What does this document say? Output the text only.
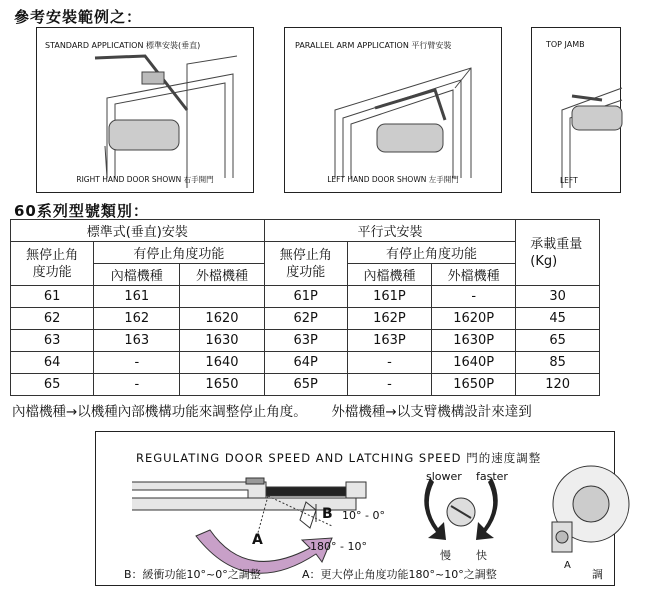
參考安裝範例之：
STANDARD APPLICATION 標準安裝(垂直)
RIGHT HAND DOOR SHOWN 右手開門
PARALLEL ARM APPLICATION 平行臂安裝
LEFT HAND DOOR SHOWN 左手開門
TOP JAMB
LEFT
60系列型號類別：
標準式(垂直)安裝			平行式安裝			承載重量(Kg)
無停止角度功能	有停止角度功能		無停止角度功能	有停止角度功能		
	內檔機種	外檔機種		內檔機種	外檔機種	
61	161		61P	161P	-	30
62	162	1620	62P	162P	1620P	45
63	163	1630	63P	163P	1630P	65
64	-	1640	64P	-	1640P	85
65	-	1650	65P	-	1650P	120
內檔機種→以機種內部機構功能來調整停止角度。 外檔機種→以支臂機構設計來達到
REGULATING DOOR SPEED AND LATCHING SPEED 門的速度調整
B 10° - 0°
A	180° - 10°
slower faster
慢 快
B：緩衝功能10°~0°之調整	A：更大停止角度功能180°~10°之調整
A
調
